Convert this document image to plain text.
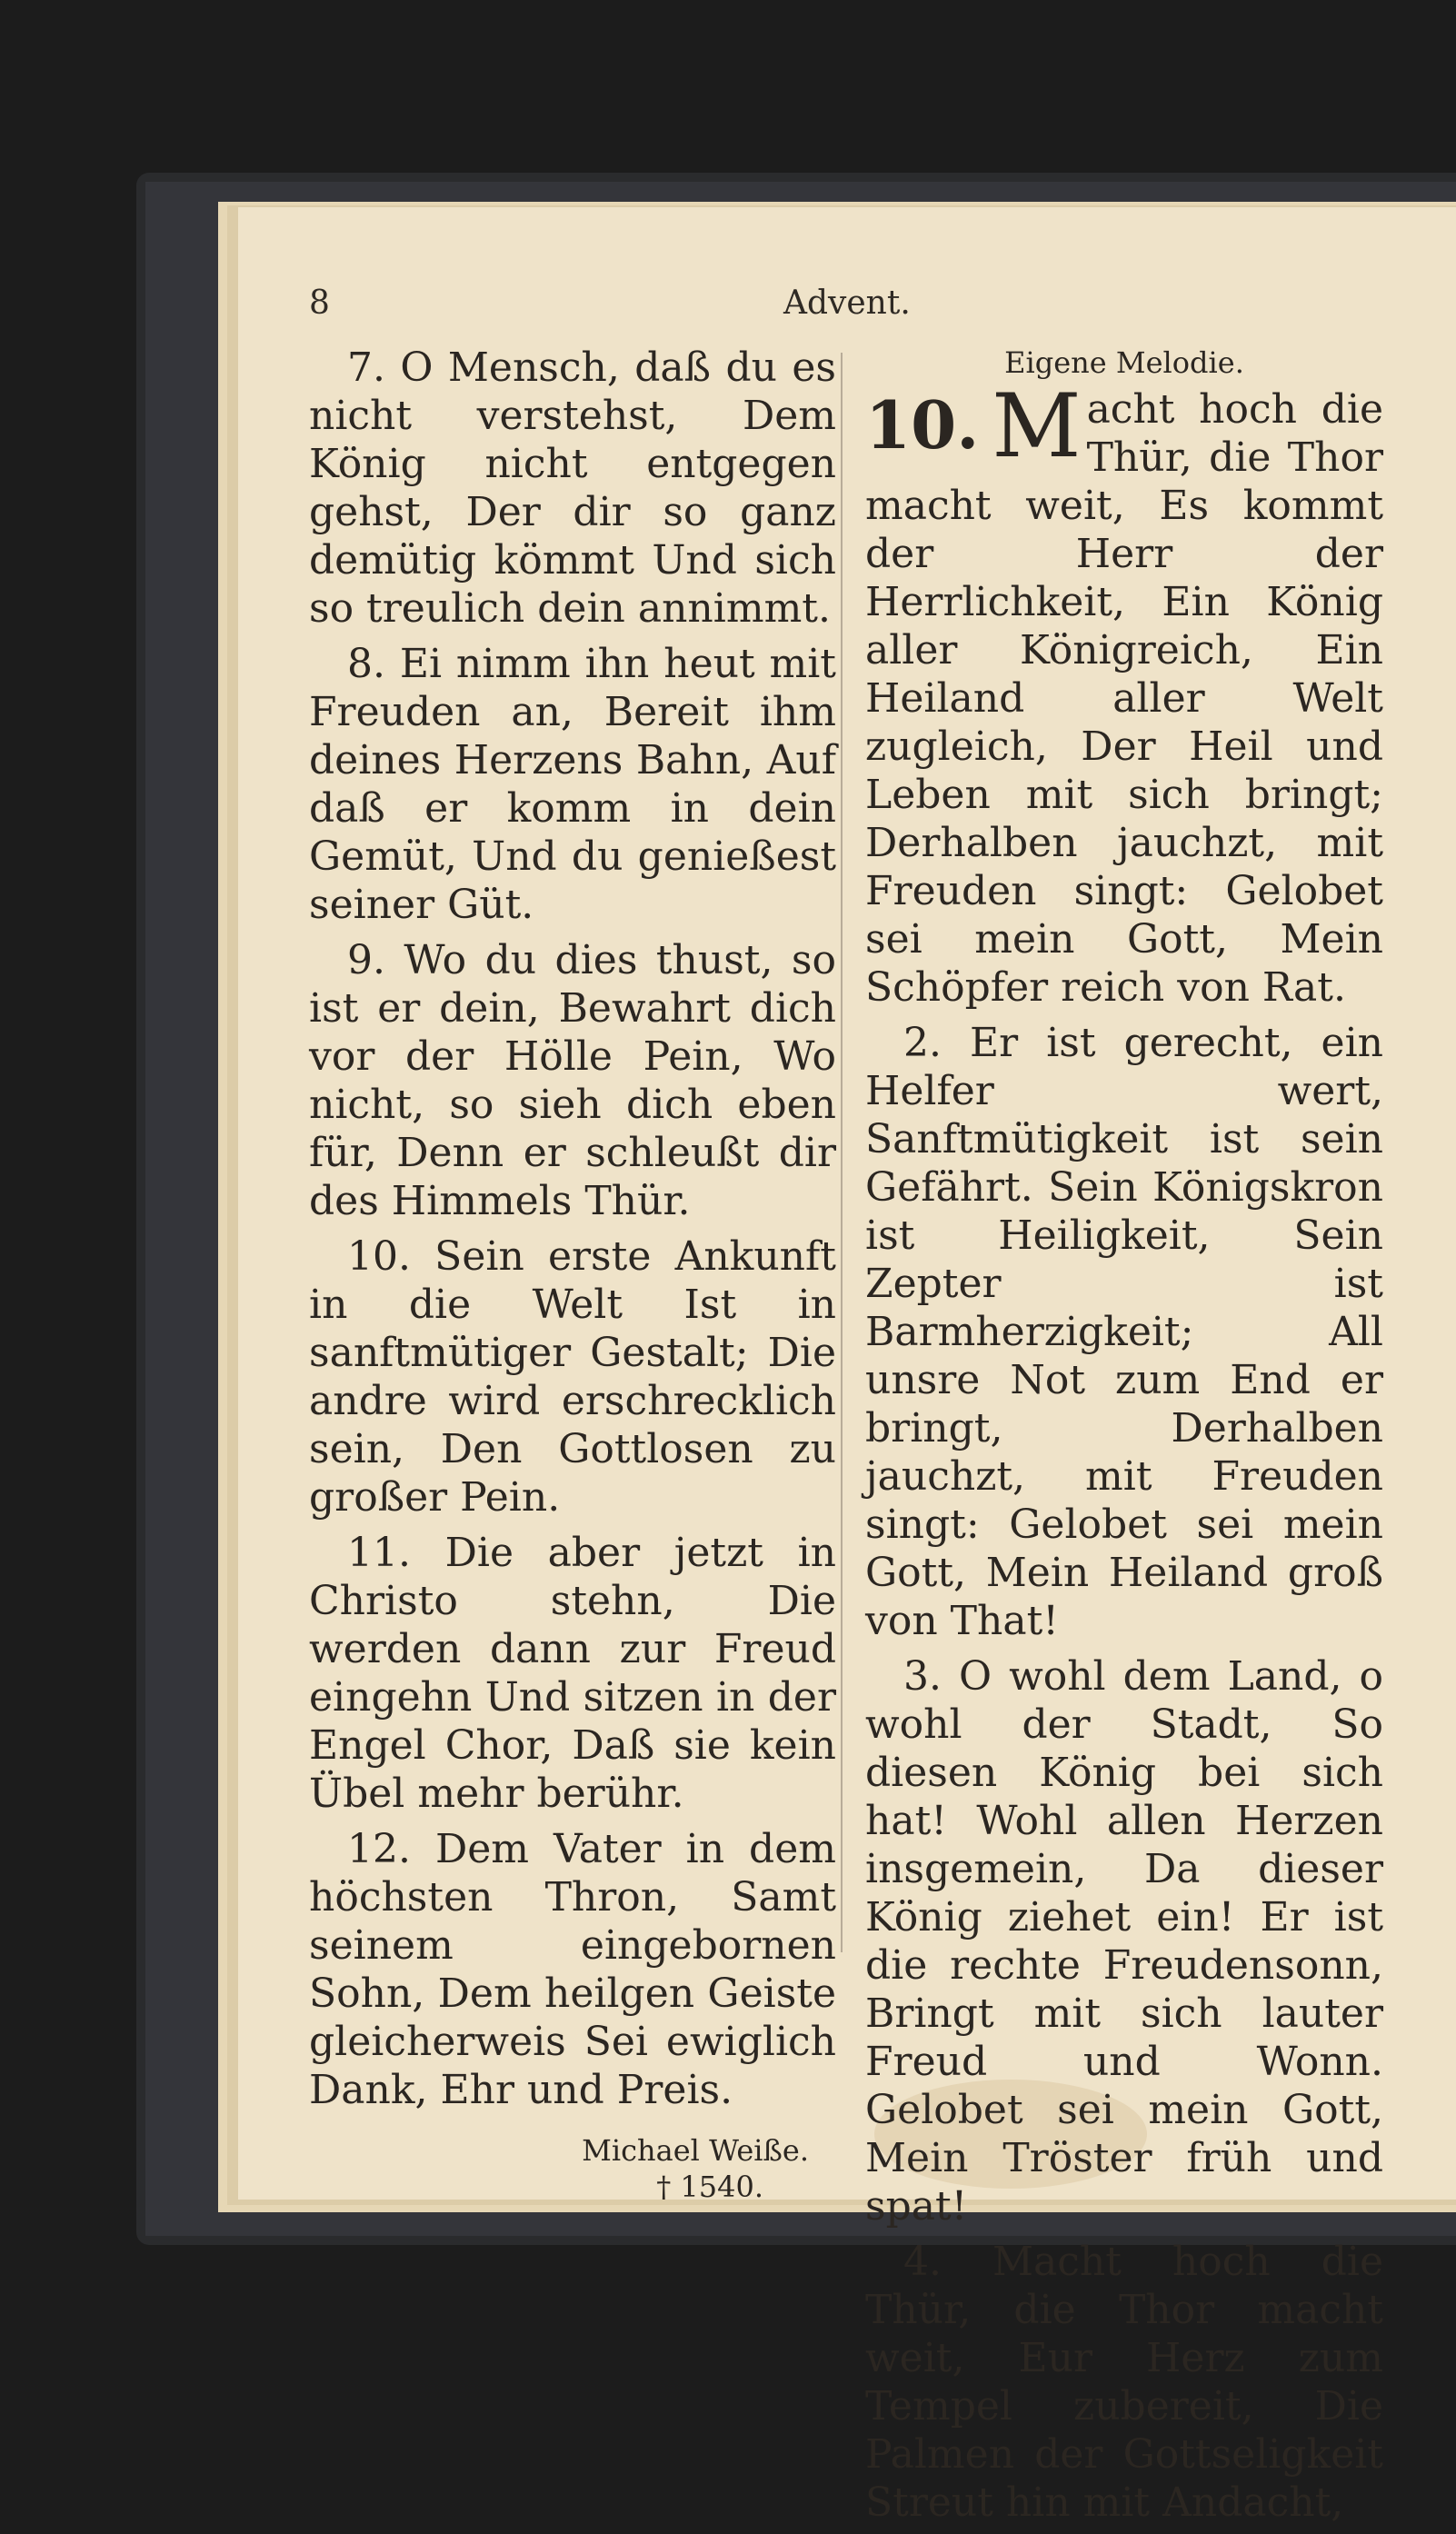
8	Advent.

7. O Mensch, daß du es nicht verstehst, Dem König nicht entgegen gehst, Der dir so ganz demütig kömmt Und sich so treulich dein annimmt.

8. Ei nimm ihn heut mit Freuden an, Bereit ihm deines Herzens Bahn, Auf daß er komm in dein Gemüt, Und du genießest seiner Güt.

9. Wo du dies thust, so ist er dein, Bewahrt dich vor der Hölle Pein, Wo nicht, so sieh dich eben für, Denn er schleußt dir des Himmels Thür.

10. Sein erste Ankunft in die Welt Ist in sanftmütiger Gestalt; Die andre wird erschrecklich sein, Den Gottlosen zu großer Pein.

11. Die aber jetzt in Christo stehn, Die werden dann zur Freud eingehn Und sitzen in der Engel Chor, Daß sie kein Übel mehr berühr.

12. Dem Vater in dem höchsten Thron, Samt seinem eingebornen Sohn, Dem heilgen Geiste gleicherweis Sei ewiglich Dank, Ehr und Preis.

Michael Weiße.
† 1540.
Eigene Melodie.
10. M acht hoch die Thür, die Thor macht weit, Es kommt der Herr der Herrlichkeit, Ein König aller Königreich, Ein Heiland aller Welt zugleich, Der Heil und Leben mit sich bringt; Derhalben jauchzt, mit Freuden singt: Gelobet sei mein Gott, Mein Schöpfer reich von Rat.

2. Er ist gerecht, ein Helfer wert, Sanftmütigkeit ist sein Gefährt. Sein Königskron ist Heiligkeit, Sein Zepter ist Barmherzigkeit; All unsre Not zum End er bringt, Derhalben jauchzt, mit Freuden singt: Gelobet sei mein Gott, Mein Heiland groß von That!

3. O wohl dem Land, o wohl der Stadt, So diesen König bei sich hat! Wohl allen Herzen insgemein, Da dieser König ziehet ein! Er ist die rechte Freudensonn, Bringt mit sich lauter Freud und Wonn. Gelobet sei mein Gott, Mein Tröster früh und spat!

4. Macht hoch die Thür, die Thor macht weit, Eur Herz zum Tempel zubereit, Die Palmen der Gottseligkeit Streut hin mit Andacht,
